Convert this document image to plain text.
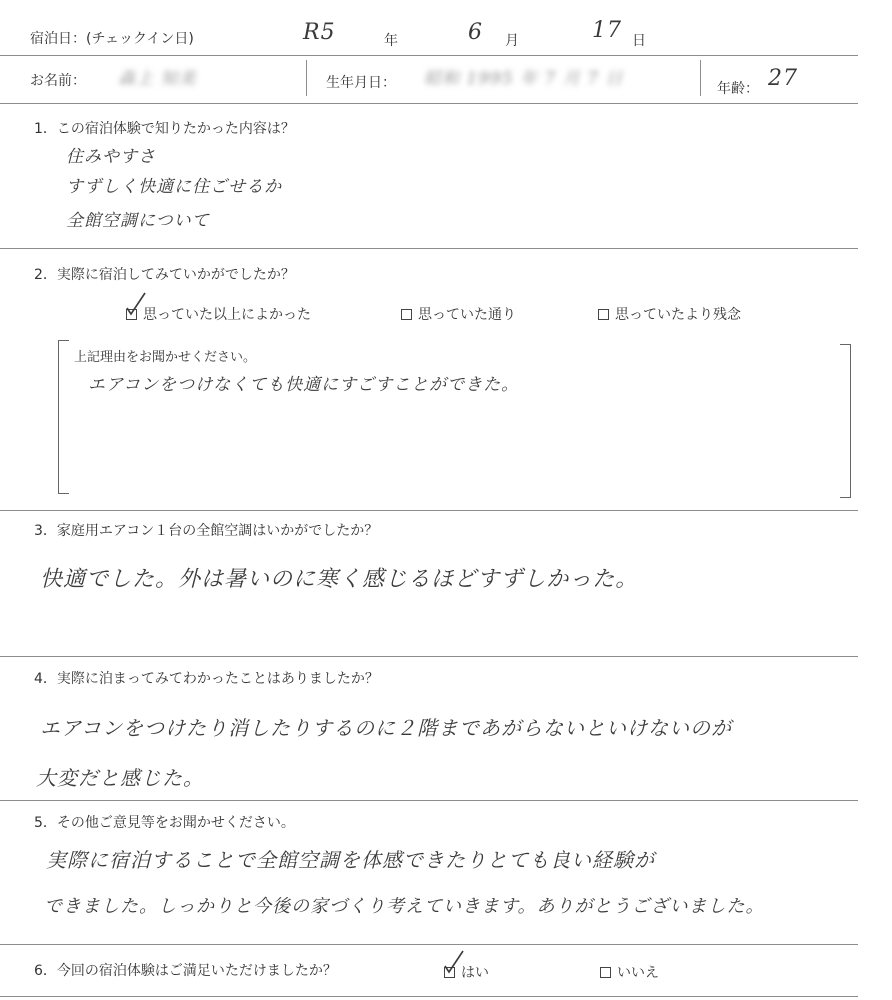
宿泊日：(チェックイン日)	R5	年	6 月	17 日
お名前： 森上 知美	生年月日： 昭和 1995 年 7 月 7 日	年齢： 27
1．この宿泊体験で知りたかった内容は？
住みやすさ
すずしく快適に住ごせるか
全館空調について
2．実際に宿泊してみていかがでしたか？
思っていた以上によかった	思っていた通り	思っていたより残念
上記理由をお聞かせください。
エアコンをつけなくても快適にすごすことができた。
3．家庭用エアコン１台の全館空調はいかがでしたか？
快適でした。外は暑いのに寒く感じるほどすずしかった。
4．実際に泊まってみてわかったことはありましたか？
エアコンをつけたり消したりするのに２階まであがらないといけないのが
大変だと感じた。
5．その他ご意見等をお聞かせください。
実際に宿泊することで全館空調を体感できたりとても良い経験が
できました。しっかりと今後の家づくり考えていきます。ありがとうございました。
6．今回の宿泊体験はご満足いただけましたか？	はい	いいえ
